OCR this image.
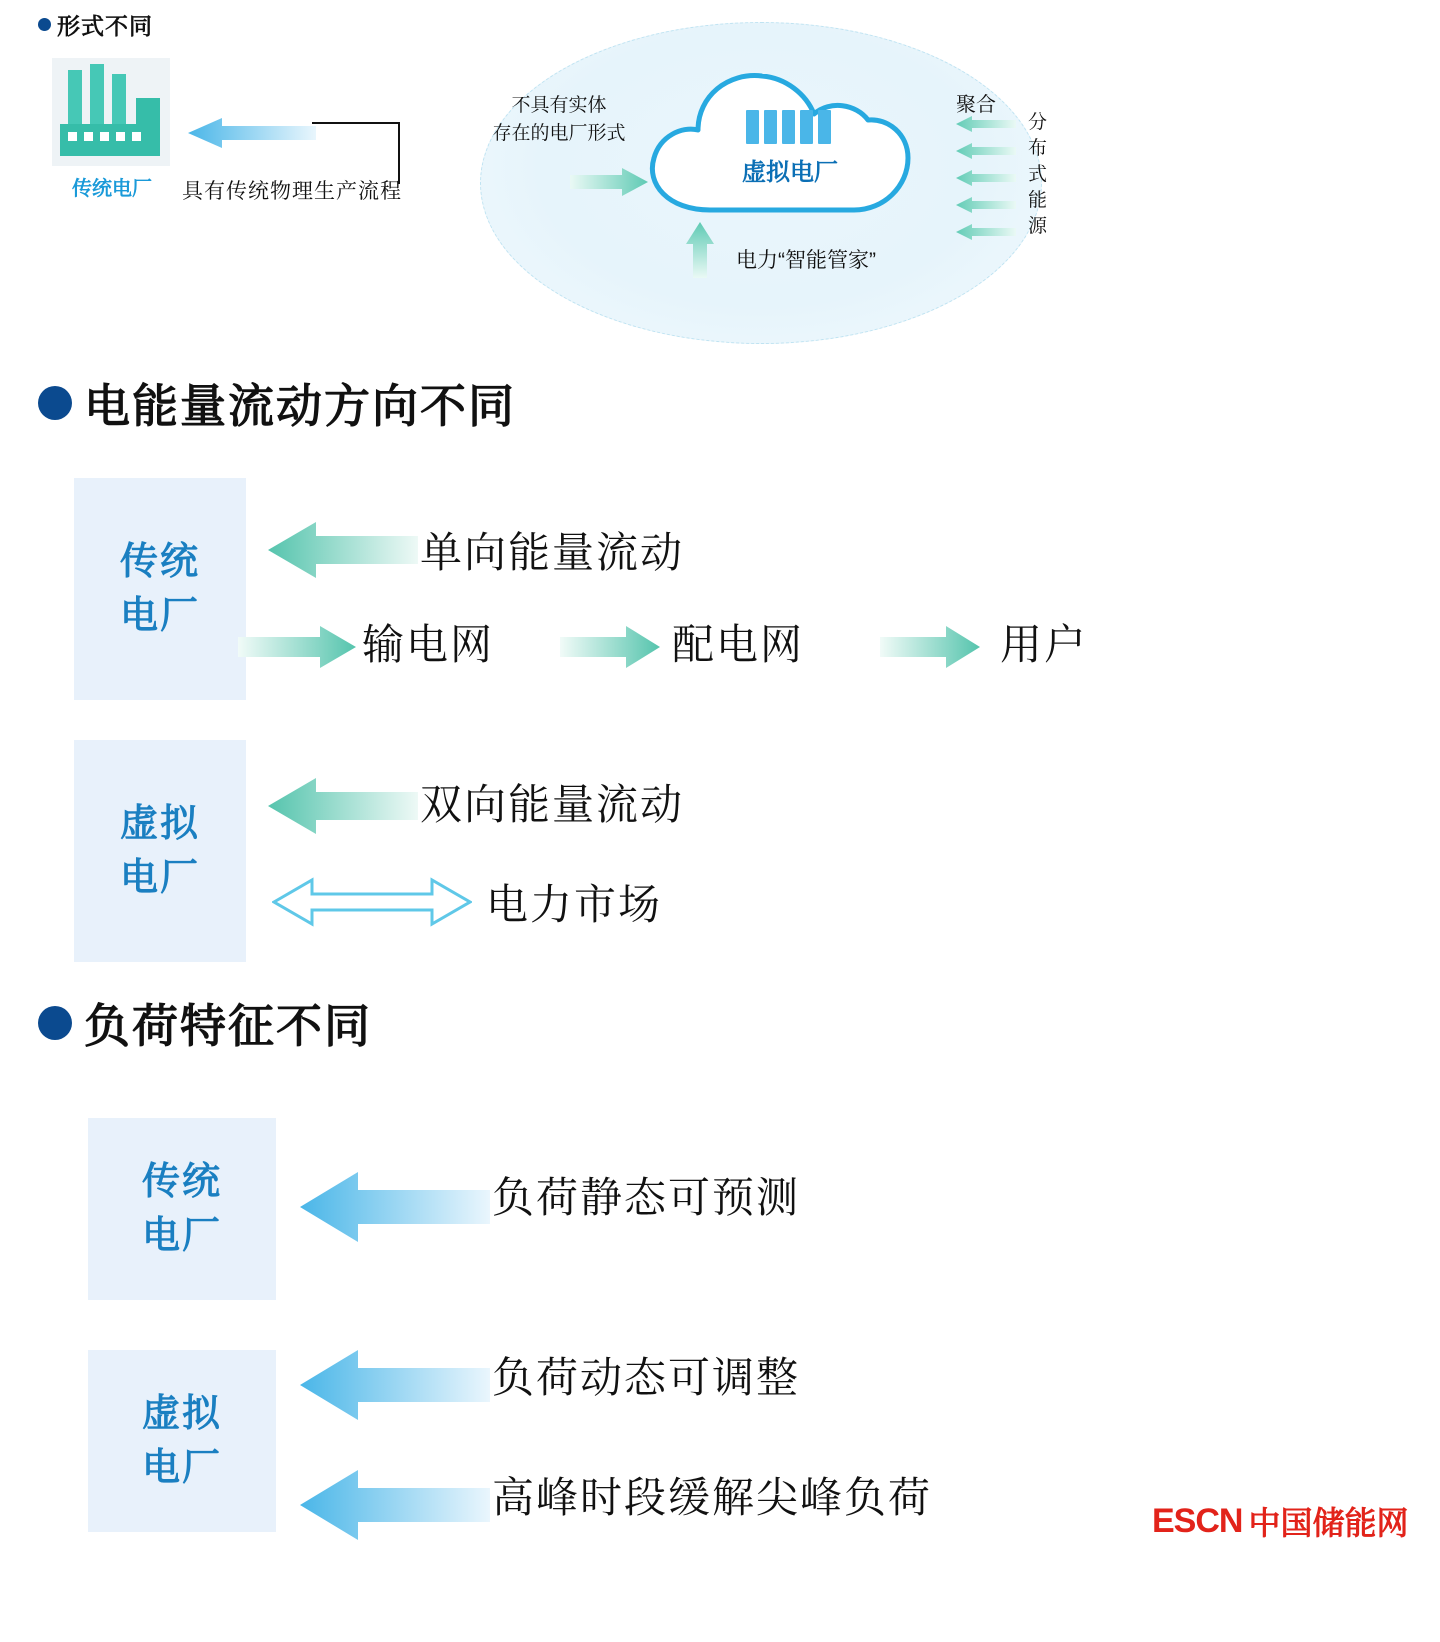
形式不同
传统电厂	具有传统物理生产流程
虚拟电厂
不具有实体
存在的电厂形式
电力“智能管家”
聚合
分
布
式
能
源
电能量流动方向不同
传统
电厂
虚拟
电厂
单向能量流动
输电网	配电网	用户
双向能量流动
电力市场
负荷特征不同
传统
电厂
虚拟
电厂
负荷静态可预测
负荷动态可调整
高峰时段缓解尖峰负荷	ESCN 中国储能网
